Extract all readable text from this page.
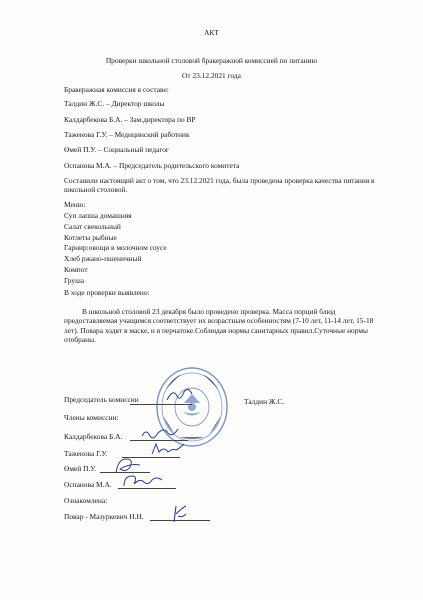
АКТ
Проверки школьной столовой бракеражной комиссией по питанию
От 23.12.2021 года
Бракеражная комиссия в составе:
Талдин Ж.С. – Директор школы
Калдарбекова Б.А. – Зам.директора по ВР
Таженова Г.У. – Медицинский работник
Өмей П.У. – Социальный педагог
Оспанова М.А. – Председатель родительского комитета
Составили настоящий акт о том, что 23.12.2021 года, была проведена проверка качества питания в
школьной столовой.
Меню:
Суп лапша домашняя
Салат свекольный
Котлеты рыбные
Гарнир:овощи в молочном соусе
Хлеб ржано-пшеничный
Компот
Груша
В ходе проверки выявлено:
В школьной столовой 23 декабря было проведено проверка. Масса порций блюд
предоставляемая учащимся соответствует их возрастным особенностям (7-10 лет, 11-14 лет, 15-18
лет). Повара ходят в маске, и в перчатоке.Соблюдая нормы санитарных правил.Суточные нормы
отобраны.
Председатель комиссии	Талдин Ж.С.
Члены комиссии:
Калдарбекова Б.А.
Таженова Г.У.
Өмей П.У.
Оспанова М.А.
Ознакомлена:
Повар - Мазуркевич Н.Н.
